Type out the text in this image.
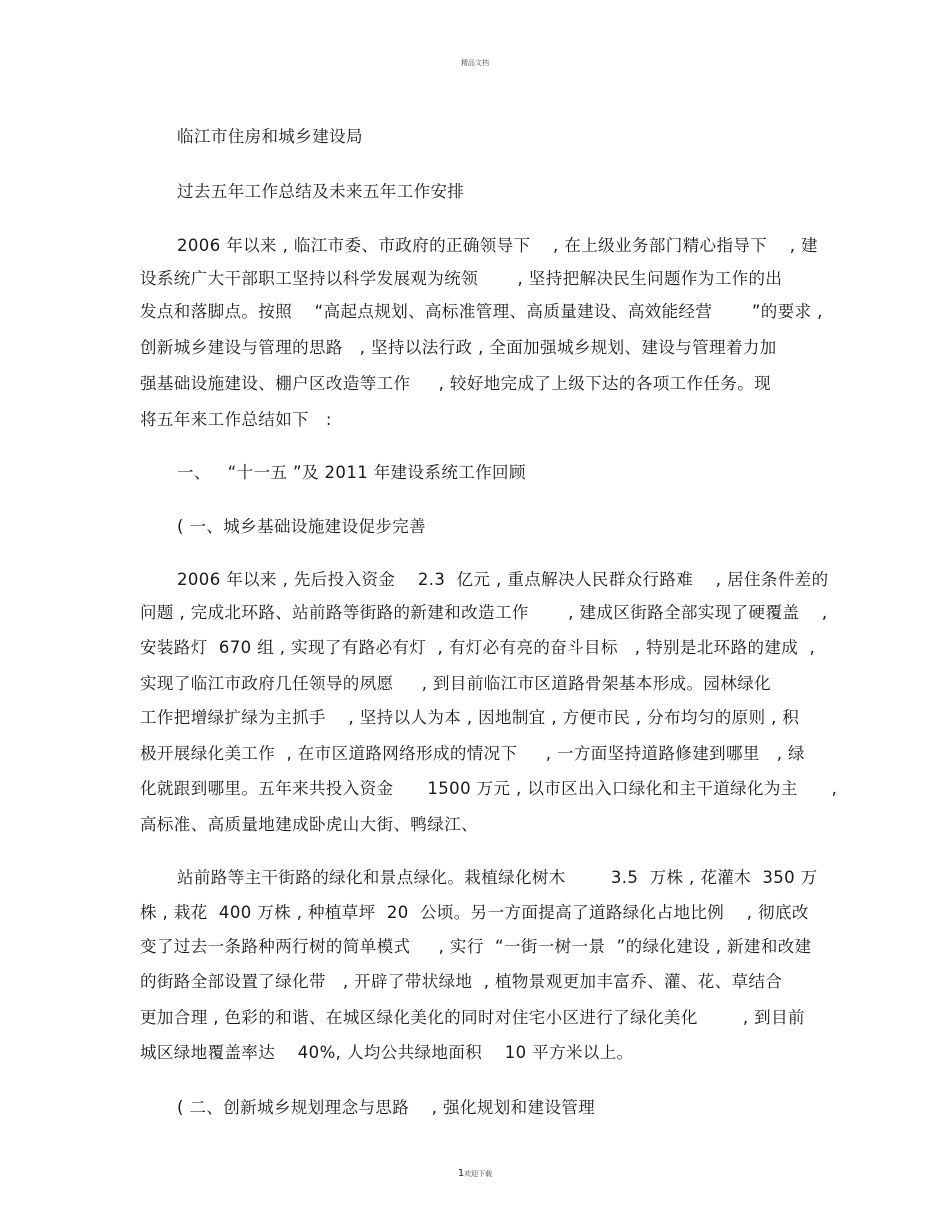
精品文档
临江市住房和城乡建设局
过去五年工作总结及未来五年工作安排
2006 年以来 , 临江市委、市政府的正确领导下    , 在上级业务部门精心指导下    , 建
设系统广大干部职工坚持以科学发展观为统领       , 坚持把解决民生问题作为工作的出
发点和落脚点。按照    “高起点规划、高标准管理、高质量建设、高效能经营       ”的要求 ,
创新城乡建设与管理的思路   , 坚持以法行政 , 全面加强城乡规划、建设与管理着力加
强基础设施建设、棚户区改造等工作     , 较好地完成了上级下达的各项工作任务。现
将五年来工作总结如下   :
一、   “十一五 ”及 2011 年建设系统工作回顾
( 一、城乡基础设施建设促步完善
2006 年以来 , 先后投入资金    2.3  亿元 , 重点解决人民群众行路难    , 居住条件差的
问题 , 完成北环路、站前路等街路的新建和改造工作       , 建成区街路全部实现了硬覆盖    ,
安装路灯  670 组 , 实现了有路必有灯  , 有灯必有亮的奋斗目标   , 特别是北环路的建成  ,
实现了临江市政府几任领导的夙愿     , 到目前临江市区道路骨架基本形成。园林绿化
工作把增绿扩绿为主抓手    , 坚持以人为本 , 因地制宜 , 方便市民 , 分布均匀的原则 , 积
极开展绿化美工作  , 在市区道路网络形成的情况下     , 一方面坚持道路修建到哪里   , 绿
化就跟到哪里。五年来共投入资金      1500 万元 , 以市区出入口绿化和主干道绿化为主      ,
高标准、高质量地建成卧虎山大街、鸭绿江、
站前路等主干街路的绿化和景点绿化。栽植绿化树木        3.5  万株 , 花灌木  350 万
株 , 栽花  400 万株 , 种植草坪  20  公顷。另一方面提高了道路绿化占地比例    , 彻底改
变了过去一条路种两行树的简单模式     , 实行  “一街一树一景  ”的绿化建设 , 新建和改建
的街路全部设置了绿化带   , 开辟了带状绿地  , 植物景观更加丰富乔、灌、花、草结合
更加合理 , 色彩的和谐、在城区绿化美化的同时对住宅小区进行了绿化美化        , 到目前
城区绿地覆盖率达    40%, 人均公共绿地面积    10 平方米以上。
( 二、创新城乡规划理念与思路    , 强化规划和建设管理
1欢迎下载
